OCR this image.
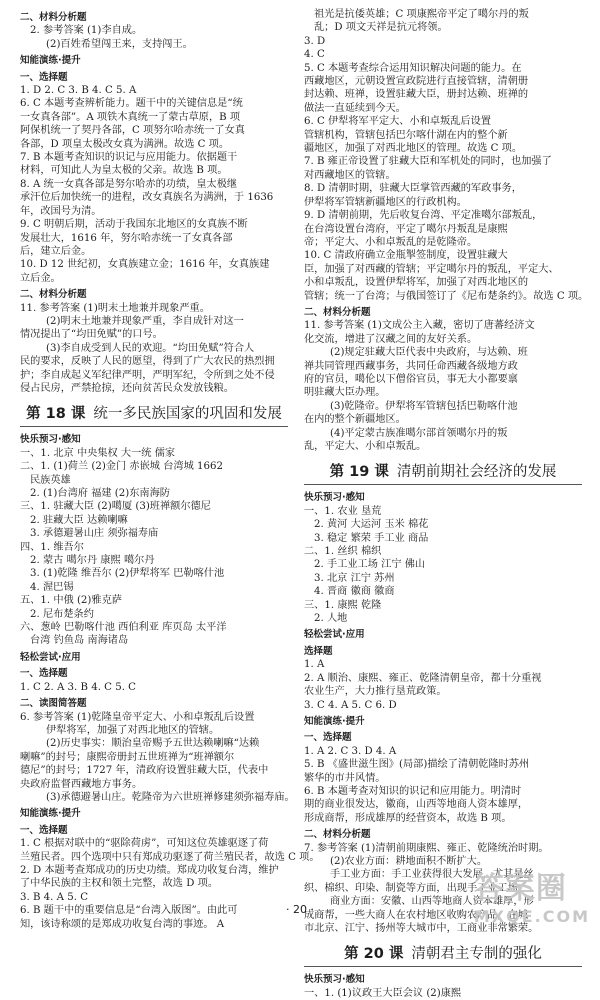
二、材料分析题
2. 参考答案 (1)李自成。
(2)百姓希望闯王来，支持闯王。
知能演练·提升
一、选择题
1. D 2. C 3. B 4. C 5. A
6. C 本题考查辨析能力。题干中的关键信息是“统
一女真各部”。A 项铁木真统一了蒙古草原，B 项
阿保机统一了契丹各部，C 项努尔哈赤统一了女真
各部，D 项皇太极改女真为满洲。故选 C 项。
7. B 本题考查知识的识记与应用能力。依据题干
材料，可知此人为皇太极的父亲。故选 B 项。
8. A 统一女真各部是努尔哈赤的功绩，皇太极继
承汗位后加快统一的进程，改女真族名为满洲，于 1636
年，改国号为清。
9. C 明朝后期，活动于我国东北地区的女真族不断
发展壮大，1616 年，努尔哈赤统一了女真各部
后，建立后金。
10. D 12 世纪初，女真族建立金；1616 年，女真族建
立后金。
二、材料分析题
11. 参考答案 (1)明末土地兼并现象严重。
(2)明末土地兼并现象严重，李自成针对这一
情况提出了“均田免赋”的口号。
(3)李自成受到人民的欢迎。“均田免赋”符合人
民的要求，反映了人民的愿望，得到了广大农民的热烈拥
护；李自成起义军纪律严明，严明军纪，令所到之处不侵
侵占民房，严禁抢掠，还向贫苦民众发放钱粮。
第 18 课 统一多民族国家的巩固和发展
快乐预习·感知
一、1. 北京 中央集权 大一统 儒家
二、1. (1)荷兰 (2)金门 赤嵌城 台湾城 1662
民族英雄
2. (1)台湾府 福建 (2)东南海防
三、1. 驻藏大臣 (2)噶厦 (3)班禅额尔德尼
2. 驻藏大臣 达赖喇嘛
3. 承德避暑山庄 须弥福寿庙
四、1. 维吾尔
2. 蒙古 噶尔丹 康熙 噶尔丹
3. (1)乾隆 维吾尔 (2)伊犁将军 巴勒喀什池
4. 渥巴锡
五、1. 中俄 (2)雅克萨
2. 尼布楚条约
六、葱岭 巴勒喀什池 西伯利亚 库页岛 太平洋
台湾 钓鱼岛 南海诸岛
轻松尝试·应用
一、选择题
1. C 2. A 3. B 4. C 5. C
二、读图简答题
6. 参考答案 (1)乾隆皇帝平定大、小和卓叛乱后设置
伊犁将军，加强了对西北地区的管辖。
(2)历史事实：顺治皇帝赐予五世达赖喇嘛“达赖
喇嘛”的封号；康熙帝册封五世班禅为“班禅额尔
德尼”的封号；1727 年，清政府设置驻藏大臣，代表中
央政府监督西藏地方事务。
(3)承德避暑山庄。乾隆帝为六世班禅修建须弥福寿庙。
知能演练·提升
一、选择题
1. C 根据对联中的“驱除荷虏”，可知这位英雄驱逐了荷
兰殖民者。四个选项中只有郑成功驱逐了荷兰殖民者，故选 C 项。
2. D 本题考查郑成功的历史功绩。郑成功收复台湾，维护
了中华民族的主权和领土完整，故选 D 项。
3. B 4. A 5. C
6. B 题干中的重要信息是“台湾入版图”。由此可
知，该诗称颂的是郑成功收复台湾的事迹。 A
祖光是抗倭英雄；C 项康熙帝平定了噶尔丹的叛
乱；D 项文天祥是抗元将领。
3. D
4. C
5. C 本题考查综合运用知识解决问题的能力。在
西藏地区，元朝设置宣政院进行直接管辖，清朝册
封达赖、班禅，设置驻藏大臣，册封达赖、班禅的
做法一直延续到今天。
6. C 伊犁将军平定大、小和卓叛乱后设置
管辖机构，管辖包括巴尔喀什湖在内的整个新
疆地区，加强了对西北地区的管理。故选 C 项。
7. B 雍正帝设置了驻藏大臣和军机处的同时，也加强了
对西藏地区的管辖。
8. D 清朝时期，驻藏大臣掌管西藏的军政事务，
伊犁将军管辖新疆地区的行政机构。
9. D 清朝前期，先后收复台湾、平定准噶尔部叛乱，
在台湾设置台湾府，平定了噶尔丹叛乱是康熙
帝；平定大、小和卓叛乱的是乾隆帝。
10. C 清政府确立金瓶掣签制度，设置驻藏大
臣，加强了对西藏的管辖；平定噶尔丹的叛乱，平定大、
小和卓叛乱，设置伊犁将军，加强了对西北地区的
管辖；统一了台湾；与俄国签订了《尼布楚条约》。故选 C 项。
二、材料分析题
11. 参考答案 (1)文成公主入藏，密切了唐蕃经济文
化交流，增进了汉藏之间的友好关系。
(2)规定驻藏大臣代表中央政府，与达赖、班
禅共同管理西藏事务，共同任命西藏各级地方政
府的官员，噶伦以下僧俗官员，事无大小都要禀
明驻藏大臣办理。
(3)乾隆帝。伊犁将军管辖包括巴勒喀什池
在内的整个新疆地区。
(4)平定蒙古族准噶尔部首领噶尔丹的叛
乱，平定大、小和卓叛乱。
第 19 课 清朝前期社会经济的发展
快乐预习·感知
一、1. 农业 垦荒
2. 黄河 大运河 玉米 棉花
3. 稳定 繁荣 手工业 商品
二、1. 丝织 棉织
2. 手工业工场 江宁 佛山
3. 北京 江宁 苏州
4. 晋商 徽商 徽商
三、1. 康熙 乾隆
2. 人地
轻松尝试·应用
选择题
1. A
2. A 顺治、康熙、雍正、乾隆清朝皇帝，都十分重视
农业生产，大力推行垦荒政策。
3. C 4. A 5. C 6. D
知能演练·提升
一、选择题
1. A 2. C 3. D 4. A
5. B 《盛世滋生图》(局部)描绘了清朝乾隆时苏州
繁华的市井风情。
6. B 本题考查对知识的识记和应用能力。明清时
期的商业很发达，徽商，山西等地商人资本雄厚，
形成商帮，形成雄厚的经营资本，故选 B 项。
二、材料分析题
7. 参考答案 (1)清朝前期康熙、雍正、乾隆统治时期。
(2)农业方面：耕地面积不断扩大。
手工业方面：手工业获得很大发展，尤其是丝
织、棉织、印染、制瓷等方面，出现手工业工场。
商业方面：安徽、山西等地商人资本雄厚，形
成商帮，一些大商人在农村地区收购农产品，在城
市北京、江宁、扬州等大城市中，工商业非常繁荣。
第 20 课 清朝君主专制的强化
快乐预习·感知
一、1. (1)议政王大臣会议 (2)康熙
· 20 ·
答案圈
MXQE.COM
